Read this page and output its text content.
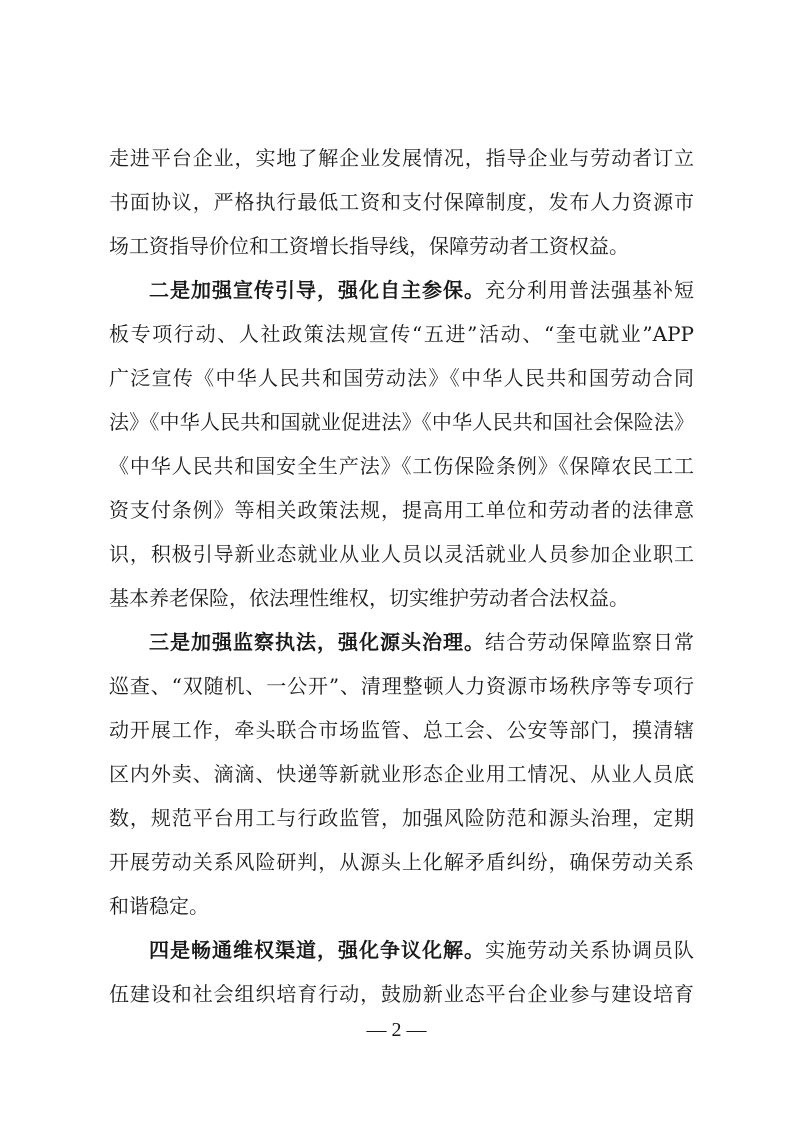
走进平台企业，实地了解企业发展情况，指导企业与劳动者订立
书面协议，严格执行最低工资和支付保障制度，发布人力资源市
场工资指导价位和工资增长指导线，保障劳动者工资权益。
二是加强宣传引导，强化自主参保。充分利用普法强基补短
板专项行动、人社政策法规宣传“五进”活动、“奎屯就业”APP
广泛宣传《中华人民共和国劳动法》《中华人民共和国劳动合同
法》《中华人民共和国就业促进法》《中华人民共和国社会保险法》
《中华人民共和国安全生产法》《工伤保险条例》《保障农民工工
资支付条例》等相关政策法规，提高用工单位和劳动者的法律意
识，积极引导新业态就业从业人员以灵活就业人员参加企业职工
基本养老保险，依法理性维权，切实维护劳动者合法权益。
三是加强监察执法，强化源头治理。结合劳动保障监察日常
巡查、“双随机、一公开”、清理整顿人力资源市场秩序等专项行
动开展工作，牵头联合市场监管、总工会、公安等部门，摸清辖
区内外卖、滴滴、快递等新就业形态企业用工情况、从业人员底
数，规范平台用工与行政监管，加强风险防范和源头治理，定期
开展劳动关系风险研判，从源头上化解矛盾纠纷，确保劳动关系
和谐稳定。
四是畅通维权渠道，强化争议化解。实施劳动关系协调员队
伍建设和社会组织培育行动，鼓励新业态平台企业参与建设培育
— 2 —
